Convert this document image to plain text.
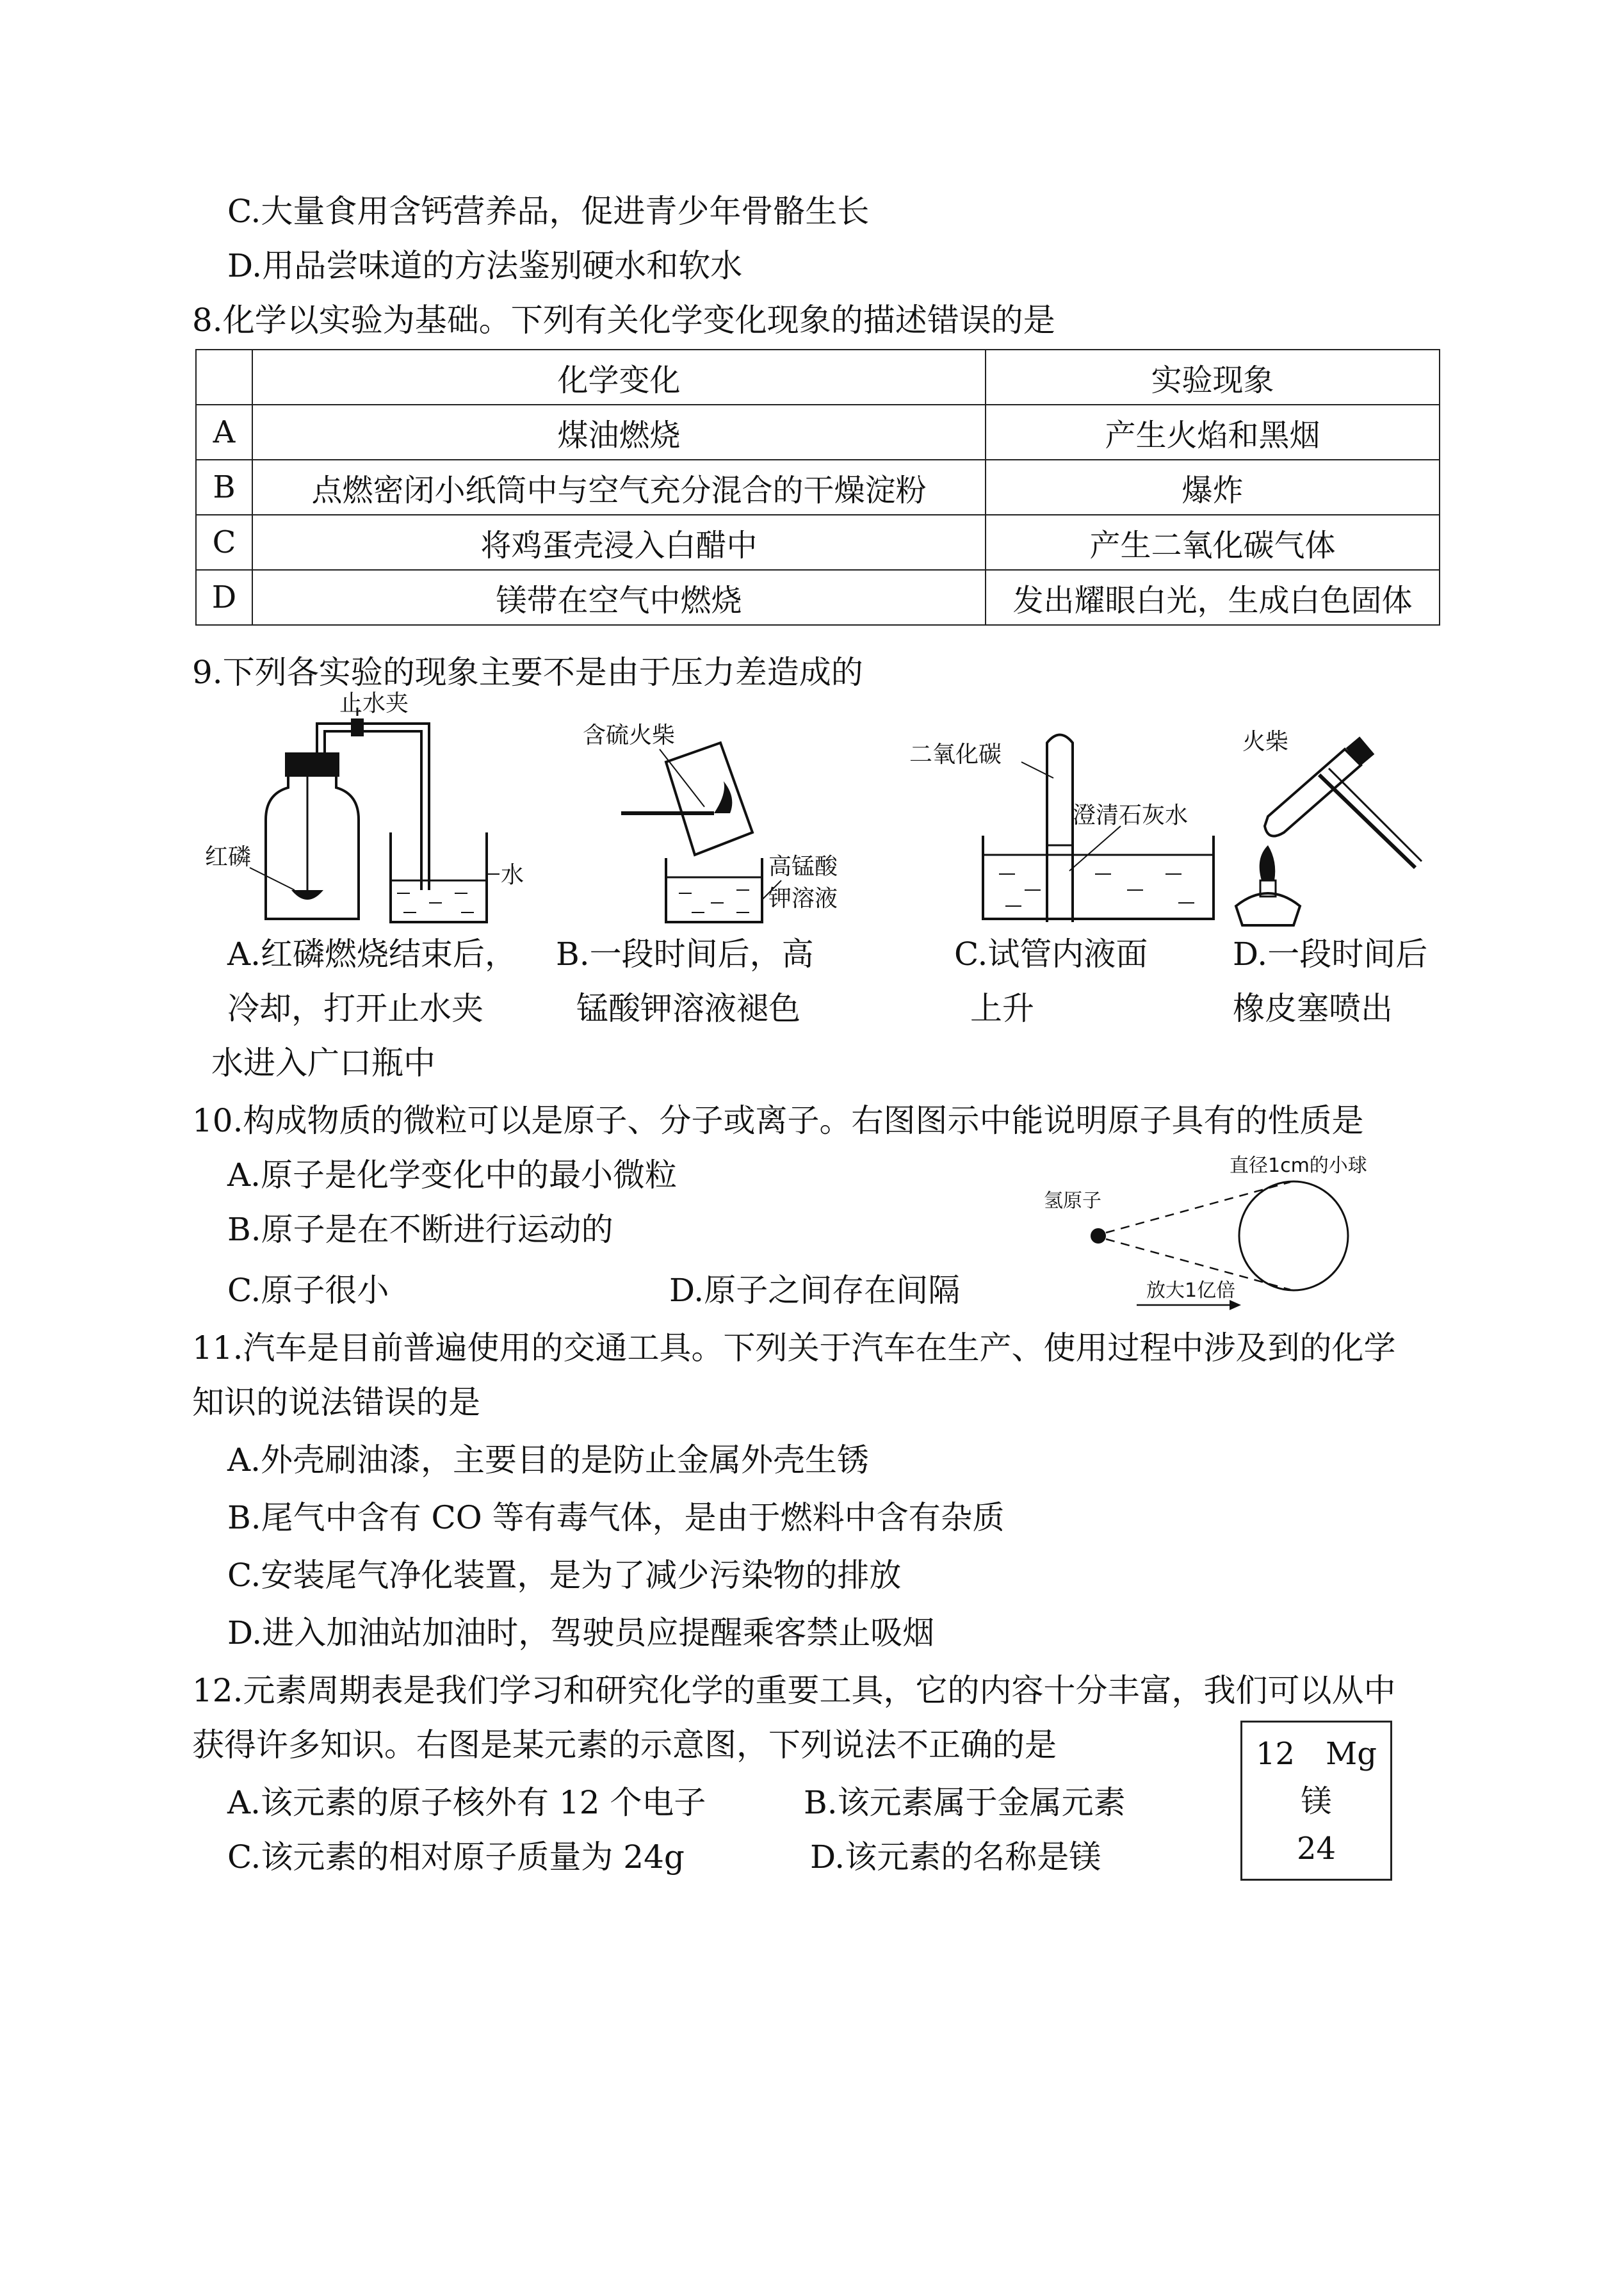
C.大量食用含钙营养品，促进青少年骨骼生长
D.用品尝味道的方法鉴别硬水和软水
8.化学以实验为基础。下列有关化学变化现象的描述错误的是
	化学变化	实验现象
A	煤油燃烧	产生火焰和黑烟
B	点燃密闭小纸筒中与空气充分混合的干燥淀粉	爆炸
C	将鸡蛋壳浸入白醋中	产生二氧化碳气体
D	镁带在空气中燃烧	发出耀眼白光，生成白色固体
9.下列各实验的现象主要不是由于压力差造成的
止水夹
红磷
水
含硫火柴
高锰酸
钾溶液
二氧化碳
澄清石灰水
火柴
A.红磷燃烧结束后，
冷却，打开止水夹
水进入广口瓶中
B.一段时间后，高
锰酸钾溶液褪色
C.试管内液面
上升
D.一段时间后
橡皮塞喷出
10.构成物质的微粒可以是原子、分子或离子。右图图示中能说明原子具有的性质是
A.原子是化学变化中的最小微粒
B.原子是在不断进行运动的
C.原子很小	D.原子之间存在间隔
氢原子
直径1cm的小球
放大1亿倍
11.汽车是目前普遍使用的交通工具。下列关于汽车在生产、使用过程中涉及到的化学
知识的说法错误的是
A.外壳刷油漆，主要目的是防止金属外壳生锈
B.尾气中含有 CO 等有毒气体，是由于燃料中含有杂质
C.安装尾气净化装置，是为了减少污染物的排放
D.进入加油站加油时，驾驶员应提醒乘客禁止吸烟
12.元素周期表是我们学习和研究化学的重要工具，它的内容十分丰富，我们可以从中
获得许多知识。右图是某元素的示意图，下列说法不正确的是
A.该元素的原子核外有 12 个电子	B.该元素属于金属元素
C.该元素的相对原子质量为 24g	D.该元素的名称是镁
12　Mg
镁
24
